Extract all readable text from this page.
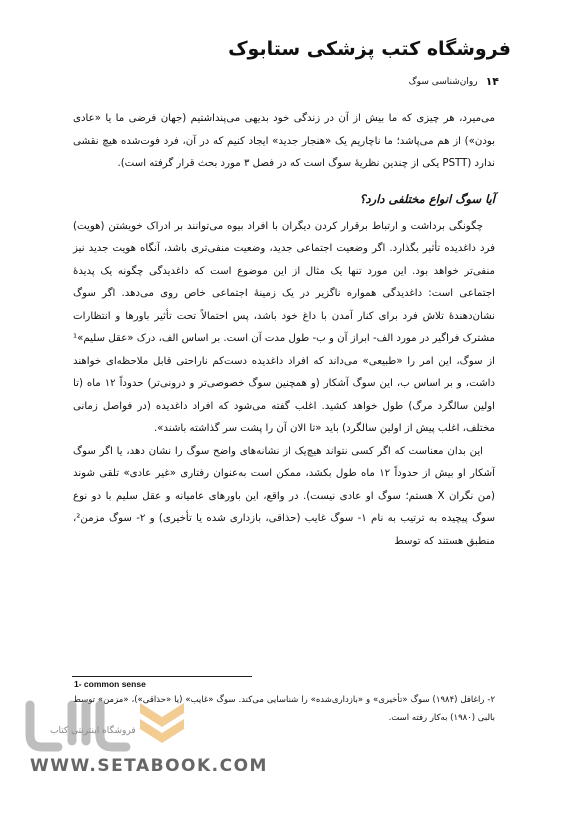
فروشگاه کتب پزشکی ستابوک
۱۴
روان‌شناسی سوگ

می‌میرد، هر چیزی که ما بیش از آن در زندگی خود بدیهی می‌پنداشتیم (جهان فرضی ما یا «عادی بودن») از هم می‌پاشد؛ ما ناچاریم یک «هنجار جدید» ایجاد کنیم که در آن، فرد فوت‌شده هیچ نقشی ندارد (PSTT یکی از چندین نظریهٔ سوگ است که در فصل ۳ مورد بحث قرار گرفته است).

آیا سوگ انواع مختلفی دارد؟

چگونگی برداشت و ارتباط برقرار کردن دیگران با افراد بیوه می‌توانند بر ادراک خویشتن (هویت) فرد داغدیده تأثیر بگذارد. اگر وضعیت اجتماعی جدید، وضعیت منفی‌تری باشد، آنگاه هویت جدید نیز منفی‌تر خواهد بود. این مورد تنها یک مثال از این موضوع است که داغدیدگی چگونه یک پدیدهٔ اجتماعی است: داغدیدگی همواره ناگزیر در یک زمینهٔ اجتماعی خاص روی می‌دهد. اگر سوگ نشان‌دهندهٔ تلاش فرد برای کنار آمدن با داغ خود باشد، پس احتمالاً تحت تأثیر باورها و انتظارات مشترک فراگیر در مورد الف- ابراز آن و ب- طول مدت آن است. بر اساس الف، درک «عقل سلیم»¹ از سوگ، این امر را «طبیعی» می‌داند که افراد داغدیده دست‌کم ناراحتی قابل ملاحظه‌ای خواهند داشت، و بر اساس ب، این سوگ آشکار (و همچنین سوگ خصوصی‌تر و درونی‌تر) حدوداً ۱۲ ماه (تا اولین سالگرد مرگ) طول خواهد کشید. اغلب گفته می‌شود که افراد داغدیده (در فواصل زمانی مختلف، اغلب پیش از اولین سالگرد) باید «تا الان آن را پشت سر گذاشته باشند».

این بدان معناست که اگر کسی نتواند هیچ‌یک از نشانه‌های واضح سوگ را نشان دهد، یا اگر سوگ آشکار او بیش از حدوداً ۱۲ ماه طول بکشد، ممکن است به‌عنوان رفتاری «غیر عادی» تلقی شوند (من نگران X هستم؛ سوگ او عادی نیست). در واقع، این باورهای عامیانه و عقل سلیم با دو نوع سوگ پیچیده به ترتیب به نام ۱- سوگ غایب (حذاقی، بازداری شده یا تأخیری) و ۲- سوگ مزمن²، منطبق هستند که توسط

1- common sense
۲- راغافل (۱۹۸۴) سوگ «تأخیری» و «بازداری‌شده» را شناسایی می‌کند. سوگ «غایب» (یا «حذاقی»)، «مزمن» توسط بالبی (۱۹۸۰) به‌کار رفته است.
فروشگاه اینترنتی کتاب
WWW.SETABOOK.COM
